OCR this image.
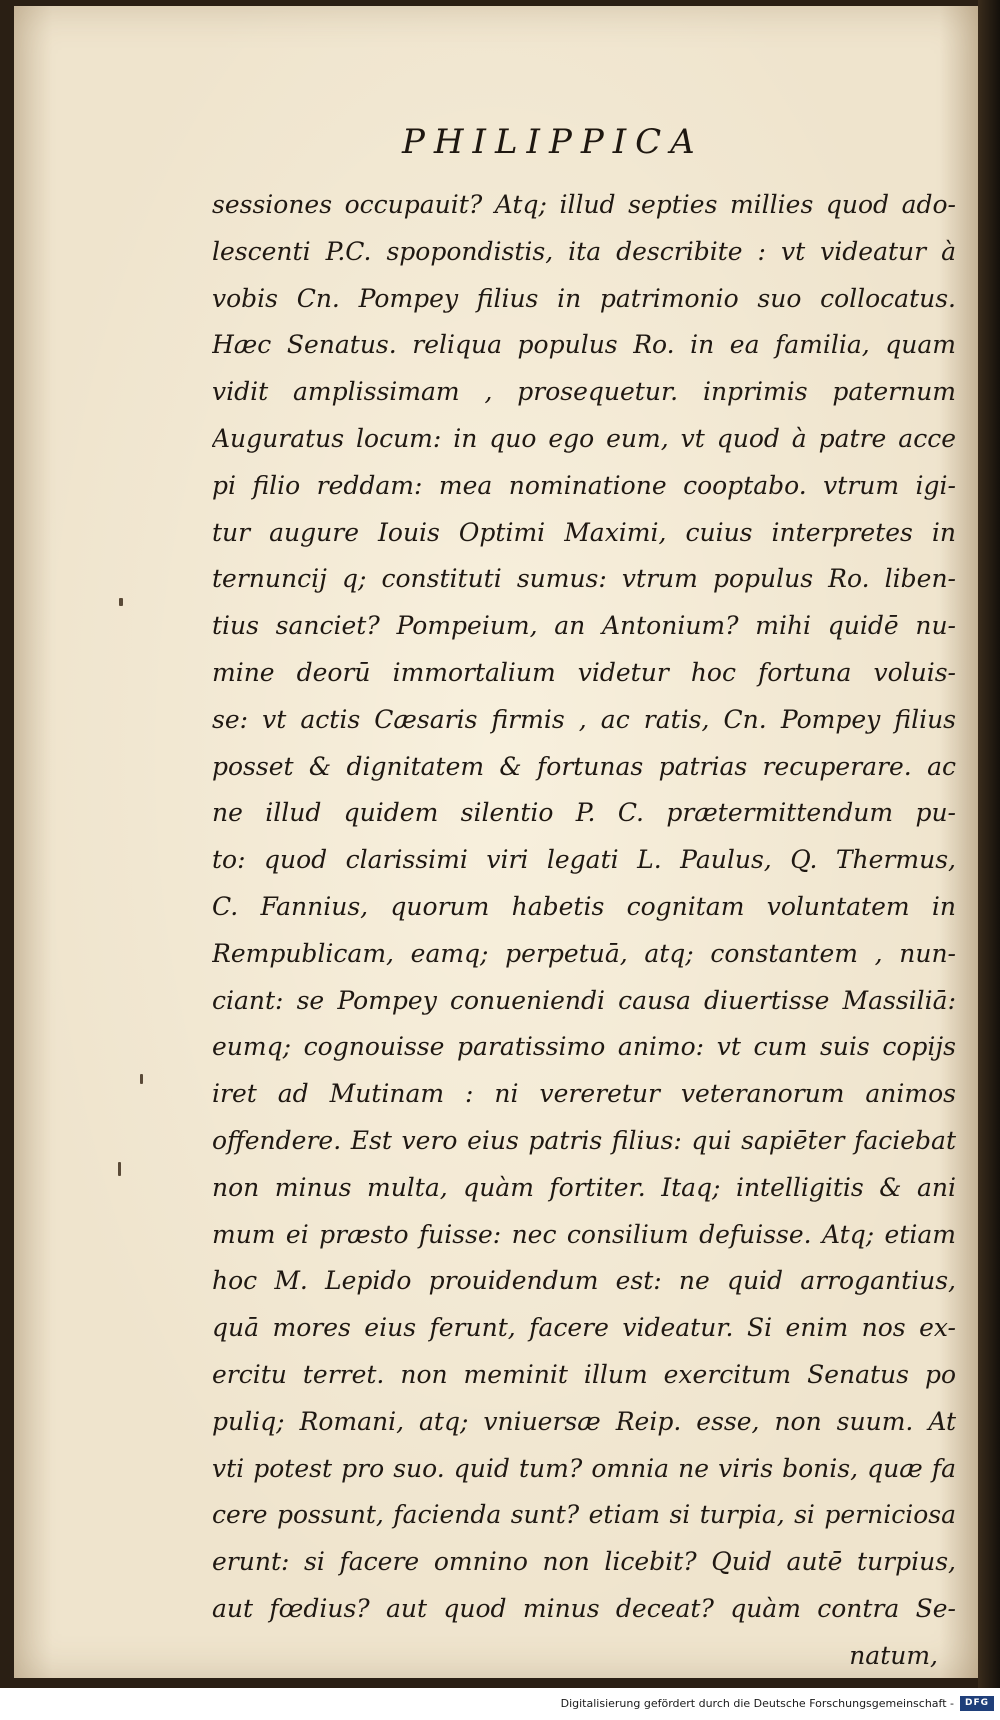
PHILIPPICA
sessiones occupauit? Atq; illud septies millies quod ado-
lescenti P.C. spopondistis, ita describite : vt videatur à
vobis Cn. Pompey filius in patrimonio suo collocatus.
Hæc Senatus. reliqua populus Ro. in ea familia, quam
vidit amplissimam , prosequetur. inprimis paternum
Auguratus locum: in quo ego eum, vt quod à patre acce
pi filio reddam: mea nominatione cooptabo. vtrum igi-
tur augure Iouis Optimi Maximi, cuius interpretes in
ternuncij q; constituti sumus: vtrum populus Ro. liben-
tius sanciet? Pompeium, an Antonium? mihi quidē nu-
mine deorū immortalium videtur hoc fortuna voluis-
se: vt actis Cæsaris firmis , ac ratis, Cn. Pompey filius
posset & dignitatem & fortunas patrias recuperare. ac
ne illud quidem silentio P. C. prætermittendum pu-
to: quod clarissimi viri legati L. Paulus, Q. Thermus,
C. Fannius, quorum habetis cognitam voluntatem in
Rempublicam, eamq; perpetuā, atq; constantem , nun-
ciant: se Pompey conueniendi causa diuertisse Massiliā:
eumq; cognouisse paratissimo animo: vt cum suis copijs
iret ad Mutinam : ni vereretur veteranorum animos
offendere. Est vero eius patris filius: qui sapiēter faciebat
non minus multa, quàm fortiter. Itaq; intelligitis & ani
mum ei præsto fuisse: nec consilium defuisse. Atq; etiam
hoc M. Lepido prouidendum est: ne quid arrogantius,
quā mores eius ferunt, facere videatur. Si enim nos ex-
ercitu terret. non meminit illum exercitum Senatus po
puliq; Romani, atq; vniuersæ Reip. esse, non suum. At
vti potest pro suo. quid tum? omnia ne viris bonis, quæ fa
cere possunt, facienda sunt? etiam si turpia, si perniciosa
erunt: si facere omnino non licebit? Quid autē turpius,
aut fœdius? aut quod minus deceat? quàm contra Se-
natum,
Digitalisierung gefördert durch die Deutsche Forschungsgemeinschaft -	DFG
